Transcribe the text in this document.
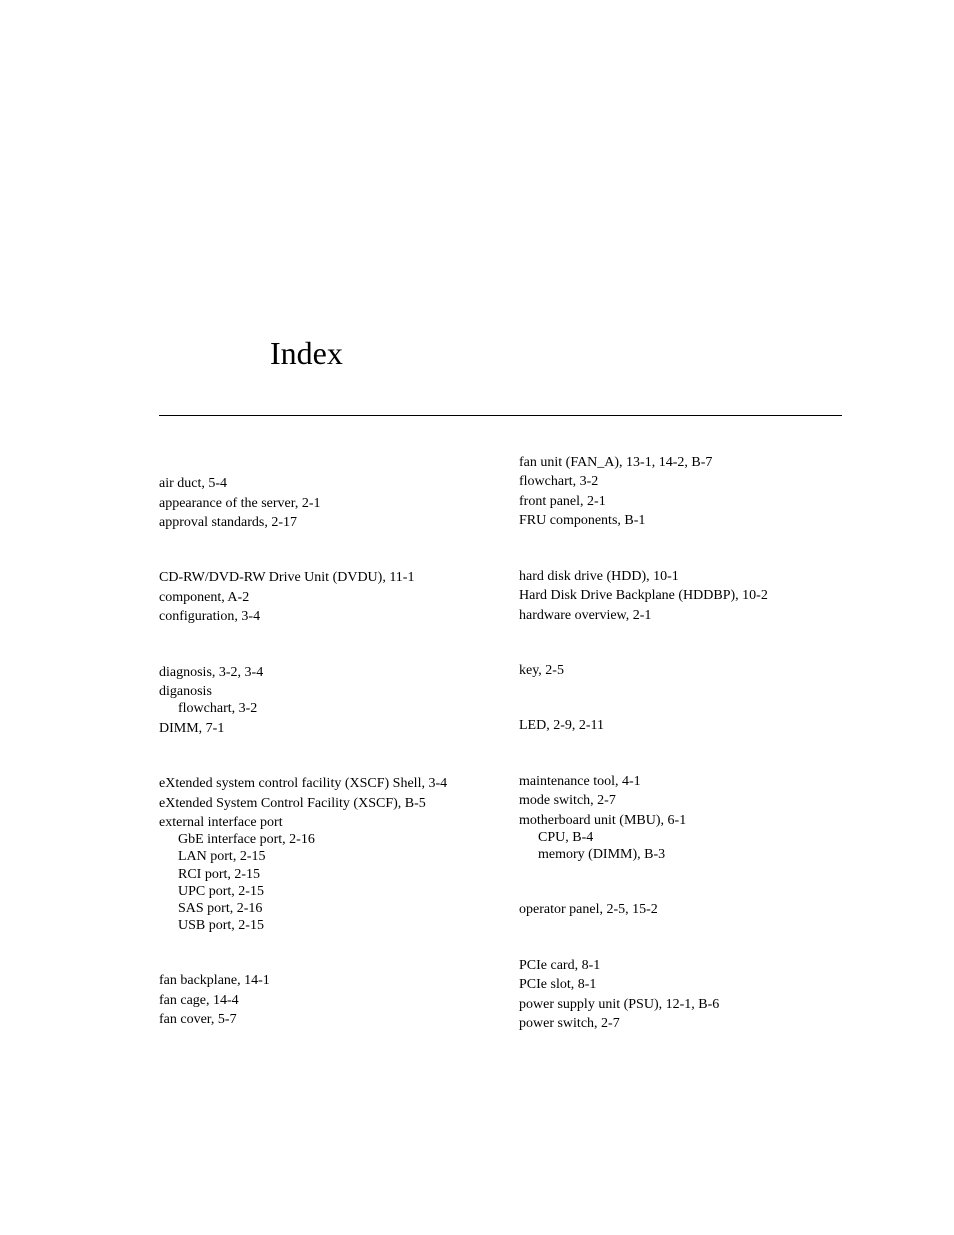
Index
air duct, 5-4
appearance of the server, 2-1
approval standards, 2-17
CD-RW/DVD-RW Drive Unit (DVDU), 11-1
component, A-2
configuration, 3-4
diagnosis, 3-2, 3-4
diganosis
flowchart, 3-2
DIMM, 7-1
eXtended system control facility (XSCF) Shell, 3-4
eXtended System Control Facility (XSCF), B-5
external interface port
GbE interface port, 2-16
LAN port, 2-15
RCI port, 2-15
UPC port, 2-15
SAS port, 2-16
USB port, 2-15
fan backplane, 14-1
fan cage, 14-4
fan cover, 5-7
fan unit (FAN_A), 13-1, 14-2, B-7
flowchart, 3-2
front panel, 2-1
FRU components, B-1
hard disk drive (HDD), 10-1
Hard Disk Drive Backplane (HDDBP), 10-2
hardware overview, 2-1
key, 2-5
LED, 2-9, 2-11
maintenance tool, 4-1
mode switch, 2-7
motherboard unit (MBU), 6-1
CPU, B-4
memory (DIMM), B-3
operator panel, 2-5, 15-2
PCIe card, 8-1
PCIe slot, 8-1
power supply unit (PSU), 12-1, B-6
power switch, 2-7
